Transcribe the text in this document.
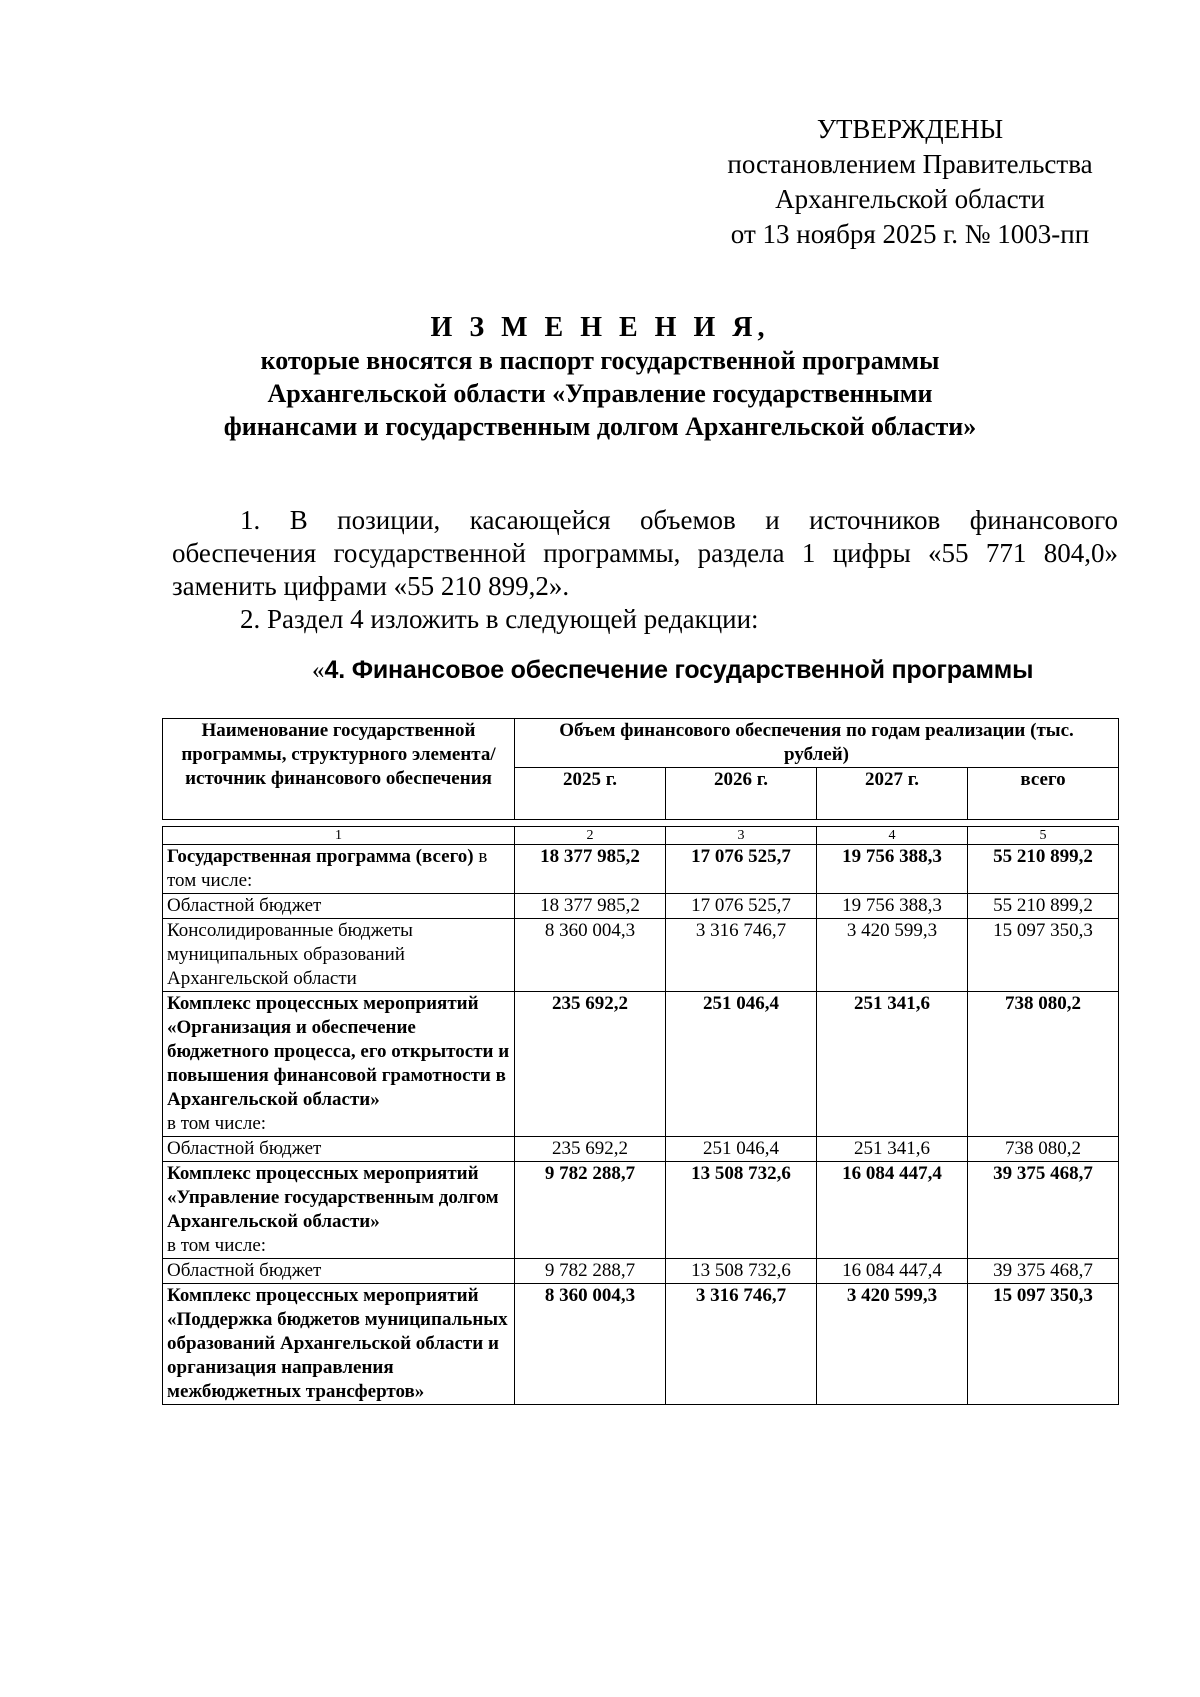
УТВЕРЖДЕНЫ
постановлением Правительства
Архангельской области
от 13 ноября 2025 г. № 1003-пп
И З М Е Н Е Н И Я,
которые вносятся в паспорт государственной программы
Архангельской области «Управление государственными
финансами и государственным долгом Архангельской области»
1. В позиции, касающейся объемов и источников финансового
обеспечения государственной программы, раздела 1 цифры «55 771 804,0»
заменить цифрами «55 210 899,2».
2. Раздел 4 изложить в следующей редакции:
«4. Финансовое обеспечение государственной программы
Наименование государственной программы, структурного элемента/источник финансового обеспечения	Объем финансового обеспечения по годам реализации (тыс. рублей)			
	2025 г.	2026 г.	2027 г.	всего

1	2	3	4	5
Государственная программа (всего) в том числе:	18 377 985,2	17 076 525,7	19 756 388,3	55 210 899,2
Областной бюджет	18 377 985,2	17 076 525,7	19 756 388,3	55 210 899,2
Консолидированные бюджеты муниципальных образований Архангельской области	8 360 004,3	3 316 746,7	3 420 599,3	15 097 350,3
Комплекс процессных мероприятий «Организация и обеспечение бюджетного процесса, его открытости и повышения финансовой грамотности в Архангельской области»
в том числе:	235 692,2	251 046,4	251 341,6	738 080,2
Областной бюджет	235 692,2	251 046,4	251 341,6	738 080,2
Комплекс процессных мероприятий «Управление государственным долгом Архангельской области»
в том числе:	9 782 288,7	13 508 732,6	16 084 447,4	39 375 468,7
Областной бюджет	9 782 288,7	13 508 732,6	16 084 447,4	39 375 468,7
Комплекс процессных мероприятий «Поддержка бюджетов муниципальных образований Архангельской области и организация направления межбюджетных трансфертов»	8 360 004,3	3 316 746,7	3 420 599,3	15 097 350,3
